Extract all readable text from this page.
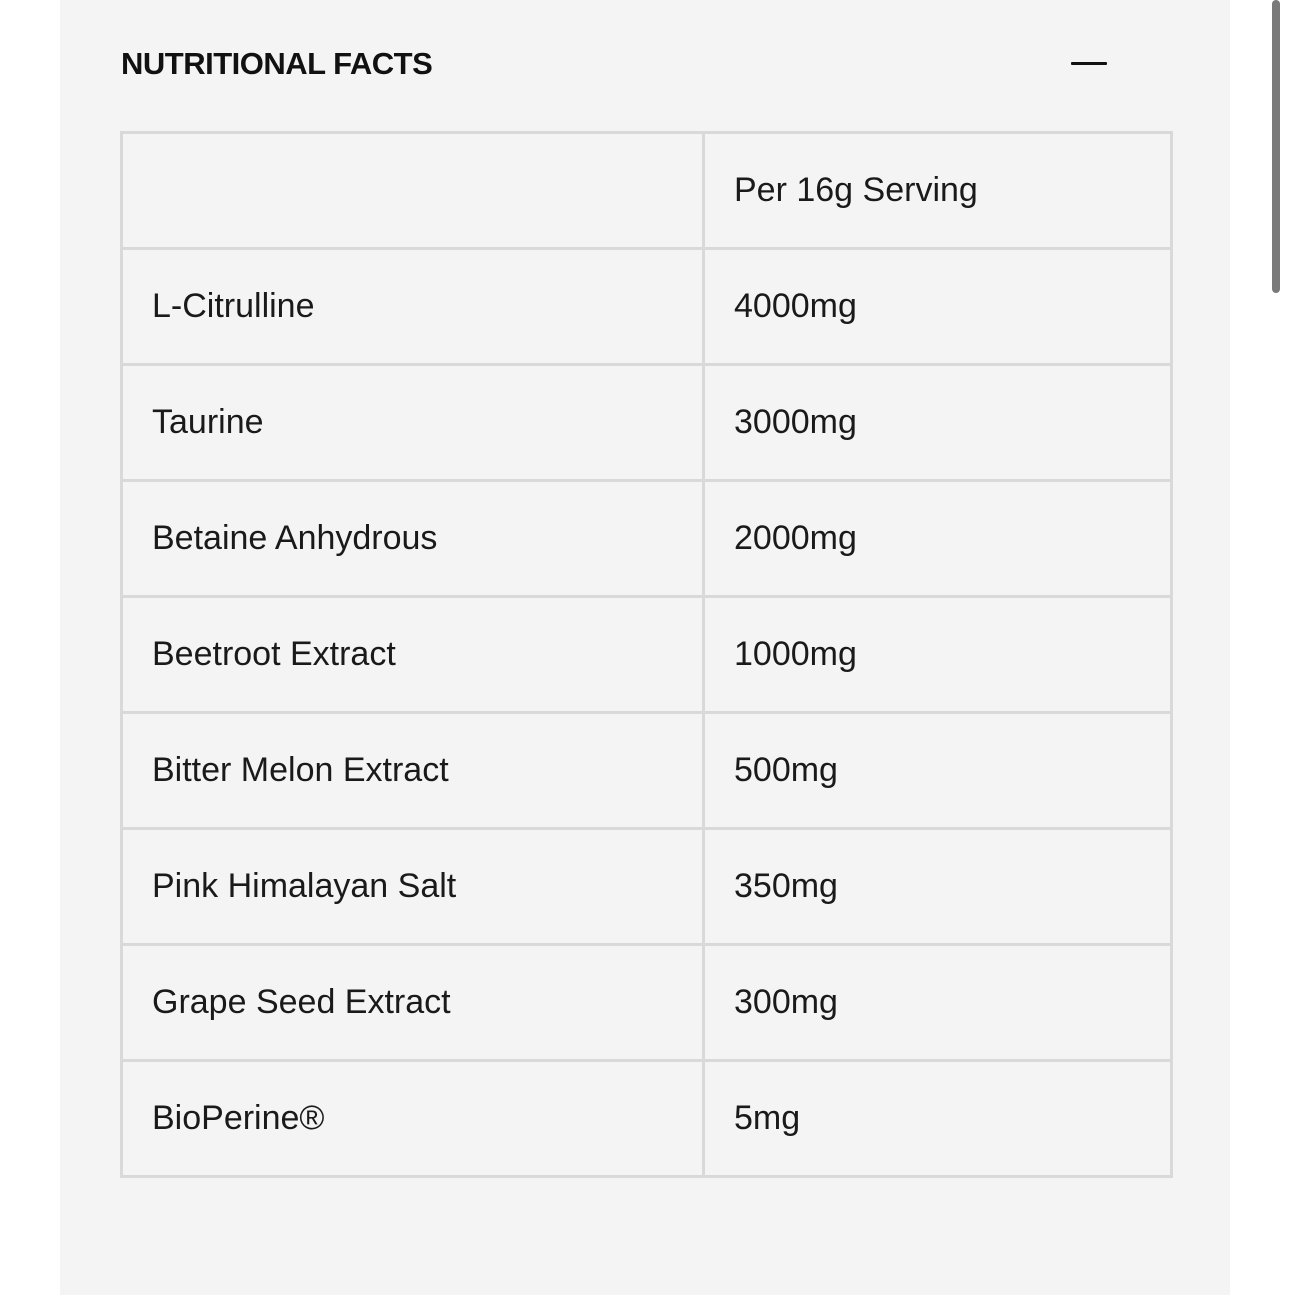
NUTRITIONAL FACTS
	Per 16g Serving
L-Citrulline	4000mg
Taurine	3000mg
Betaine Anhydrous	2000mg
Beetroot Extract	1000mg
Bitter Melon Extract	500mg
Pink Himalayan Salt	350mg
Grape Seed Extract	300mg
BioPerine®	5mg
